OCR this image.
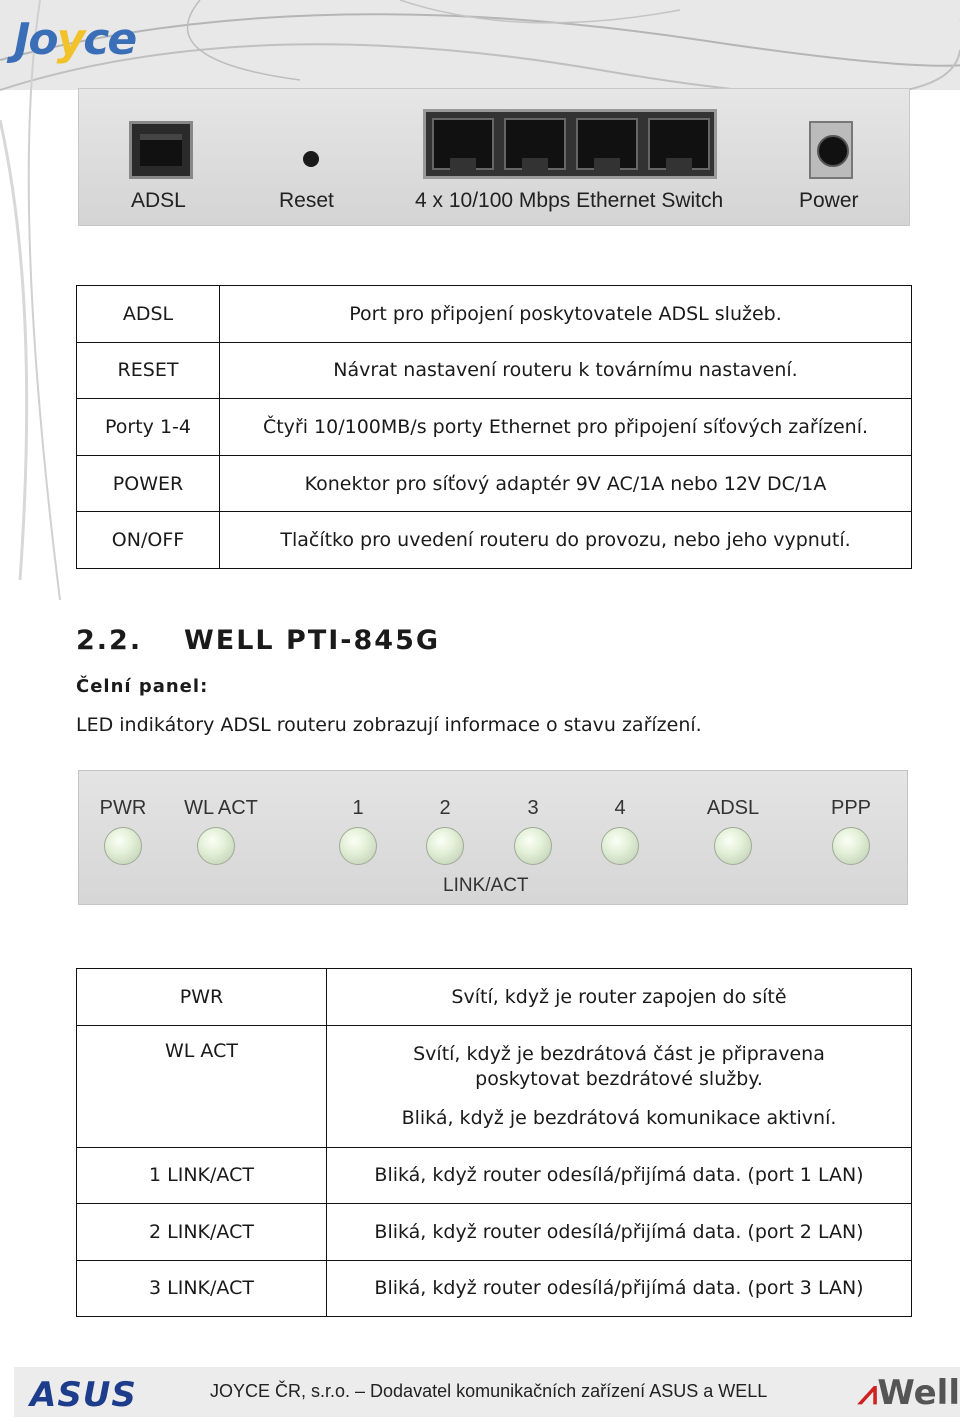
Joyce
ADSL	Reset	4 x 10/100 Mbps Ethernet Switch	Power
ADSL	Port pro připojení poskytovatele ADSL služeb.
RESET	Návrat nastavení routeru k továrnímu nastavení.
Porty 1-4	Čtyři 10/100MB/s porty Ethernet pro připojení síťových zařízení.
POWER	Konektor pro síťový adaptér 9V AC/1A nebo 12V DC/1A
ON/OFF	Tlačítko pro uvedení routeru do provozu, nebo jeho vypnutí.
2.2. WELL PTI-845G
Čelní panel:
LED indikátory ADSL routeru zobrazují informace o stavu zařízení.
PWR WL ACT	1	2	3	4	ADSL	PPP
LINK/ACT
PWR	Svítí, když je router zapojen do sítě
WL ACT	Svítí, když je bezdrátová část je připravena

poskytovat bezdrátové služby.

Bliká, když je bezdrátová komunikace aktivní.

1 LINK/ACT	Bliká, když router odesílá/přijímá data. (port 1 LAN)
2 LINK/ACT	Bliká, když router odesílá/přijímá data. (port 2 LAN)
3 LINK/ACT	Bliká, když router odesílá/přijímá data. (port 3 LAN)
ASUS	JOYCE ČR, s.r.o. – Dodavatel komunikačních zařízení ASUS a WELL	⩘Well
